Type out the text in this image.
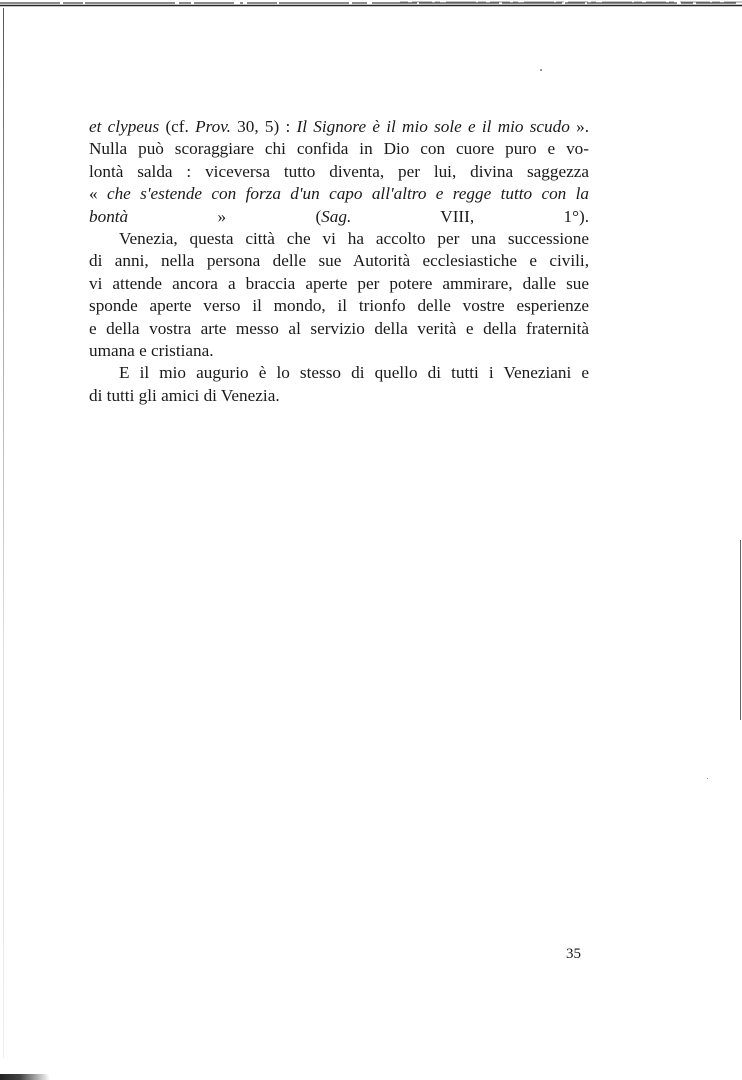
et clypeus (cf. Prov. 30, 5) : Il Signore è il mio sole e il mio scudo ».
Nulla può scoraggiare chi confida in Dio con cuore puro e vo-
lontà salda : viceversa tutto diventa, per lui, divina saggezza
« che s'estende con forza d'un capo all'altro e regge tutto con la
bontà » (Sag. VIII, 1°).
Venezia, questa città che vi ha accolto per una successione
di anni, nella persona delle sue Autorità ecclesiastiche e civili,
vi attende ancora a braccia aperte per potere ammirare, dalle sue
sponde aperte verso il mondo, il trionfo delle vostre esperienze
e della vostra arte messo al servizio della verità e della fraternità
umana e cristiana.
E il mio augurio è lo stesso di quello di tutti i Veneziani e
di tutti gli amici di Venezia.
35
